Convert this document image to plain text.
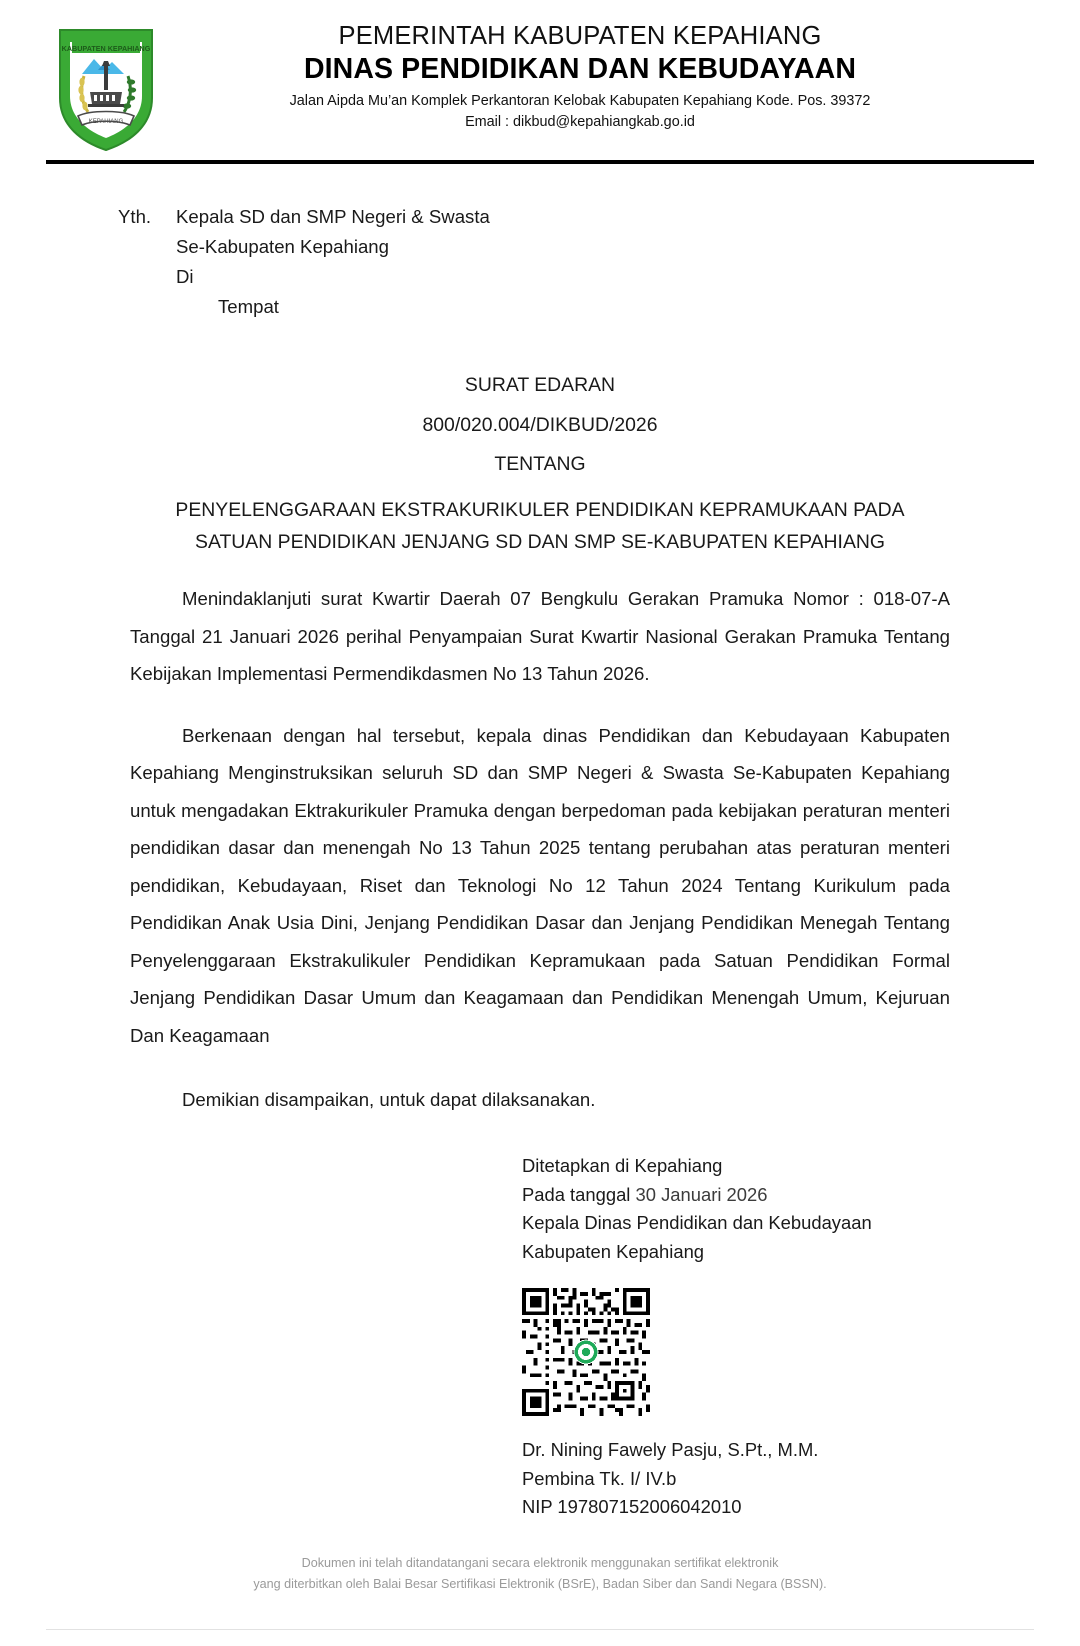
KABUPATEN KEPAHIANG
KEPAHIANG
PEMERINTAH KABUPATEN KEPAHIANG
DINAS PENDIDIKAN DAN KEBUDAYAAN
Jalan Aipda Mu’an Komplek Perkantoran Kelobak Kabupaten Kepahiang Kode. Pos. 39372
Email : dikbud@kepahiangkab.go.id
Yth.	Kepala SD dan SMP Negeri & Swasta
Se-Kabupaten Kepahiang
Di
Tempat
SURAT EDARAN
800/020.004/DIKBUD/2026
TENTANG
PENYELENGGARAAN EKSTRAKURIKULER PENDIDIKAN KEPRAMUKAAN PADA
SATUAN PENDIDIKAN JENJANG SD DAN SMP SE-KABUPATEN KEPAHIANG

Menindaklanjuti surat Kwartir Daerah 07 Bengkulu Gerakan Pramuka Nomor : 018-07-A Tanggal 21 Januari 2026 perihal Penyampaian Surat Kwartir Nasional Gerakan Pramuka Tentang Kebijakan Implementasi Permendikdasmen No 13 Tahun 2026.

Berkenaan dengan hal tersebut, kepala dinas Pendidikan dan Kebudayaan Kabupaten Kepahiang Menginstruksikan seluruh SD dan SMP Negeri & Swasta Se-Kabupaten Kepahiang untuk mengadakan Ektrakurikuler Pramuka dengan berpedoman pada kebijakan peraturan menteri pendidikan dasar dan menengah No 13 Tahun 2025 tentang perubahan atas peraturan menteri pendidikan, Kebudayaan, Riset dan Teknologi No 12 Tahun 2024 Tentang Kurikulum pada Pendidikan Anak Usia Dini, Jenjang Pendidikan Dasar dan Jenjang Pendidikan Menegah Tentang Penyelenggaraan Ekstrakulikuler Pendidikan Kepramukaan pada Satuan Pendidikan Formal Jenjang Pendidikan Dasar Umum dan Keagamaan dan Pendidikan Menengah Umum, Kejuruan Dan Keagamaan

Demikian disampaikan, untuk dapat dilaksanakan.

Ditetapkan di Kepahiang
Pada tanggal 30 Januari 2026
Kepala Dinas Pendidikan dan Kebudayaan
Kabupaten Kepahiang
Dr. Nining Fawely Pasju, S.Pt., M.M.
Pembina Tk. I/ IV.b
NIP 197807152006042010
Dokumen ini telah ditandatangani secara elektronik menggunakan sertifikat elektronik
yang diterbitkan oleh Balai Besar Sertifikasi Elektronik (BSrE), Badan Siber dan Sandi Negara (BSSN).
